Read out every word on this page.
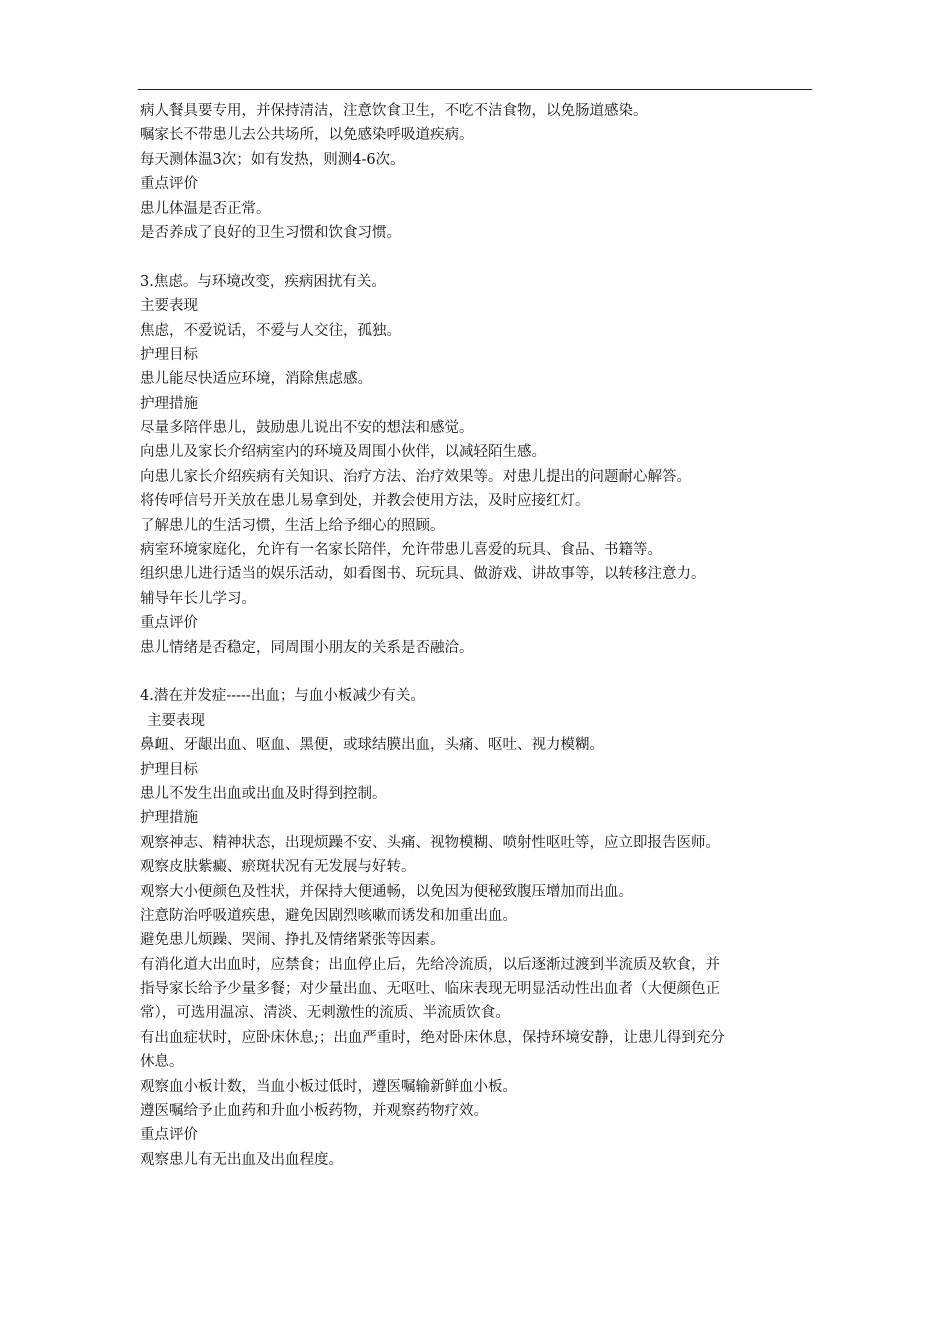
病人餐具要专用，并保持清洁，注意饮食卫生，不吃不洁食物，以免肠道感染。

嘱家长不带患儿去公共场所，以免感染呼吸道疾病。

每天测体温3次；如有发热，则测4-6次。

重点评价

患儿体温是否正常。

是否养成了良好的卫生习惯和饮食习惯。

3.焦虑。与环境改变，疾病困扰有关。

主要表现

焦虑，不爱说话，不爱与人交往，孤独。

护理目标

患儿能尽快适应环境，消除焦虑感。

护理措施

尽量多陪伴患儿，鼓励患儿说出不安的想法和感觉。

向患儿及家长介绍病室内的环境及周围小伙伴，以减轻陌生感。

向患儿家长介绍疾病有关知识、治疗方法、治疗效果等。对患儿提出的问题耐心解答。

将传呼信号开关放在患儿易拿到处，并教会使用方法，及时应接红灯。

了解患儿的生活习惯，生活上给予细心的照顾。

病室环境家庭化，允许有一名家长陪伴，允许带患儿喜爱的玩具、食品、书籍等。

组织患儿进行适当的娱乐活动，如看图书、玩玩具、做游戏、讲故事等，以转移注意力。

辅导年长儿学习。

重点评价

患儿情绪是否稳定，同周围小朋友的关系是否融洽。

4.潜在并发症-----出血；与血小板减少有关。

主要表现

鼻衄、牙龈出血、呕血、黑便，或球结膜出血，头痛、呕吐、视力模糊。

护理目标

患儿不发生出血或出血及时得到控制。

护理措施

观察神志、精神状态，出现烦躁不安、头痛、视物模糊、喷射性呕吐等，应立即报告医师。

观察皮肤紫癜、瘀斑状况有无发展与好转。

观察大小便颜色及性状，并保持大便通畅，以免因为便秘致腹压增加而出血。

注意防治呼吸道疾患，避免因剧烈咳嗽而诱发和加重出血。

避免患儿烦躁、哭闹、挣扎及情绪紧张等因素。

有消化道大出血时，应禁食；出血停止后，先给冷流质，以后逐渐过渡到半流质及软食，并

指导家长给予少量多餐；对少量出血、无呕吐、临床表现无明显活动性出血者（大便颜色正

常），可选用温凉、清淡、无刺激性的流质、半流质饮食。

有出血症状时，应卧床休息;；出血严重时，绝对卧床休息，保持环境安静，让患儿得到充分

休息。

观察血小板计数，当血小板过低时，遵医嘱输新鲜血小板。

遵医嘱给予止血药和升血小板药物，并观察药物疗效。

重点评价

观察患儿有无出血及出血程度。
